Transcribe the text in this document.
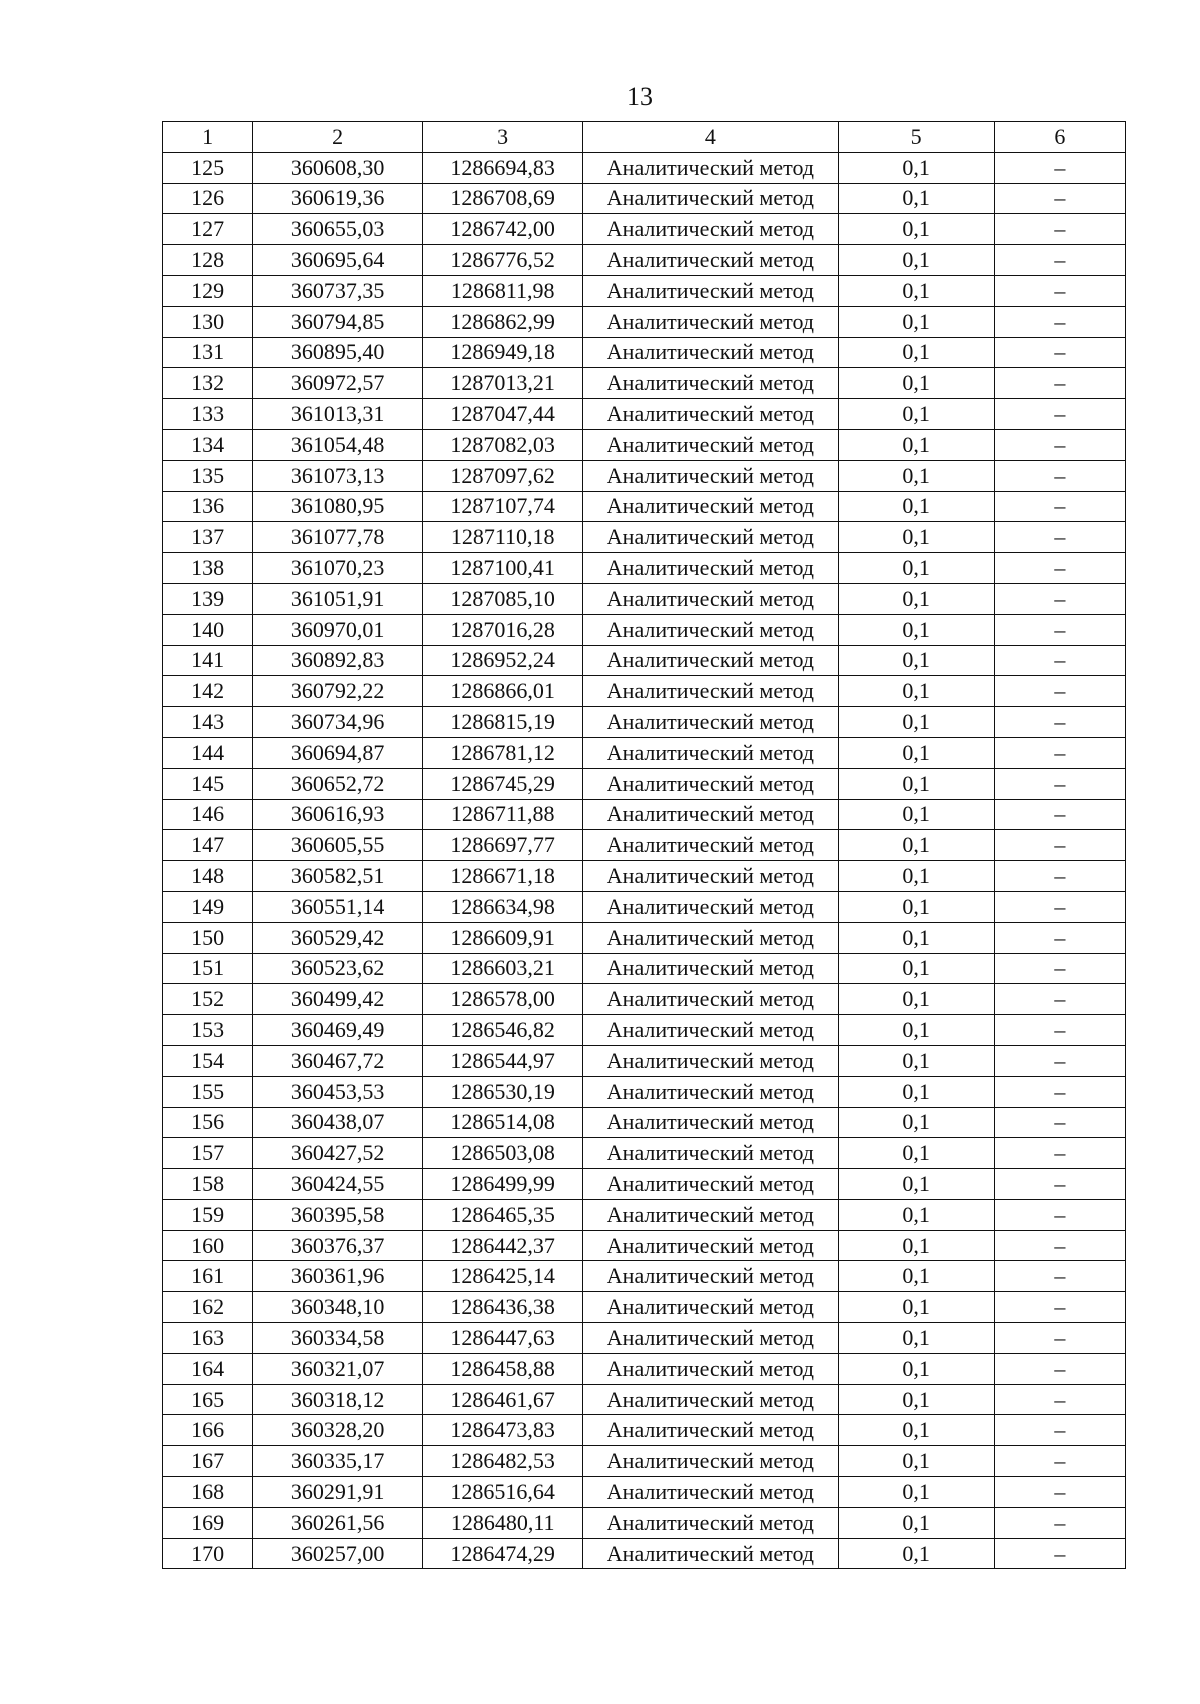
13
1	2	3	4	5	6
125	360608,30	1286694,83	Аналитический метод	0,1	–
126	360619,36	1286708,69	Аналитический метод	0,1	–
127	360655,03	1286742,00	Аналитический метод	0,1	–
128	360695,64	1286776,52	Аналитический метод	0,1	–
129	360737,35	1286811,98	Аналитический метод	0,1	–
130	360794,85	1286862,99	Аналитический метод	0,1	–
131	360895,40	1286949,18	Аналитический метод	0,1	–
132	360972,57	1287013,21	Аналитический метод	0,1	–
133	361013,31	1287047,44	Аналитический метод	0,1	–
134	361054,48	1287082,03	Аналитический метод	0,1	–
135	361073,13	1287097,62	Аналитический метод	0,1	–
136	361080,95	1287107,74	Аналитический метод	0,1	–
137	361077,78	1287110,18	Аналитический метод	0,1	–
138	361070,23	1287100,41	Аналитический метод	0,1	–
139	361051,91	1287085,10	Аналитический метод	0,1	–
140	360970,01	1287016,28	Аналитический метод	0,1	–
141	360892,83	1286952,24	Аналитический метод	0,1	–
142	360792,22	1286866,01	Аналитический метод	0,1	–
143	360734,96	1286815,19	Аналитический метод	0,1	–
144	360694,87	1286781,12	Аналитический метод	0,1	–
145	360652,72	1286745,29	Аналитический метод	0,1	–
146	360616,93	1286711,88	Аналитический метод	0,1	–
147	360605,55	1286697,77	Аналитический метод	0,1	–
148	360582,51	1286671,18	Аналитический метод	0,1	–
149	360551,14	1286634,98	Аналитический метод	0,1	–
150	360529,42	1286609,91	Аналитический метод	0,1	–
151	360523,62	1286603,21	Аналитический метод	0,1	–
152	360499,42	1286578,00	Аналитический метод	0,1	–
153	360469,49	1286546,82	Аналитический метод	0,1	–
154	360467,72	1286544,97	Аналитический метод	0,1	–
155	360453,53	1286530,19	Аналитический метод	0,1	–
156	360438,07	1286514,08	Аналитический метод	0,1	–
157	360427,52	1286503,08	Аналитический метод	0,1	–
158	360424,55	1286499,99	Аналитический метод	0,1	–
159	360395,58	1286465,35	Аналитический метод	0,1	–
160	360376,37	1286442,37	Аналитический метод	0,1	–
161	360361,96	1286425,14	Аналитический метод	0,1	–
162	360348,10	1286436,38	Аналитический метод	0,1	–
163	360334,58	1286447,63	Аналитический метод	0,1	–
164	360321,07	1286458,88	Аналитический метод	0,1	–
165	360318,12	1286461,67	Аналитический метод	0,1	–
166	360328,20	1286473,83	Аналитический метод	0,1	–
167	360335,17	1286482,53	Аналитический метод	0,1	–
168	360291,91	1286516,64	Аналитический метод	0,1	–
169	360261,56	1286480,11	Аналитический метод	0,1	–
170	360257,00	1286474,29	Аналитический метод	0,1	–
